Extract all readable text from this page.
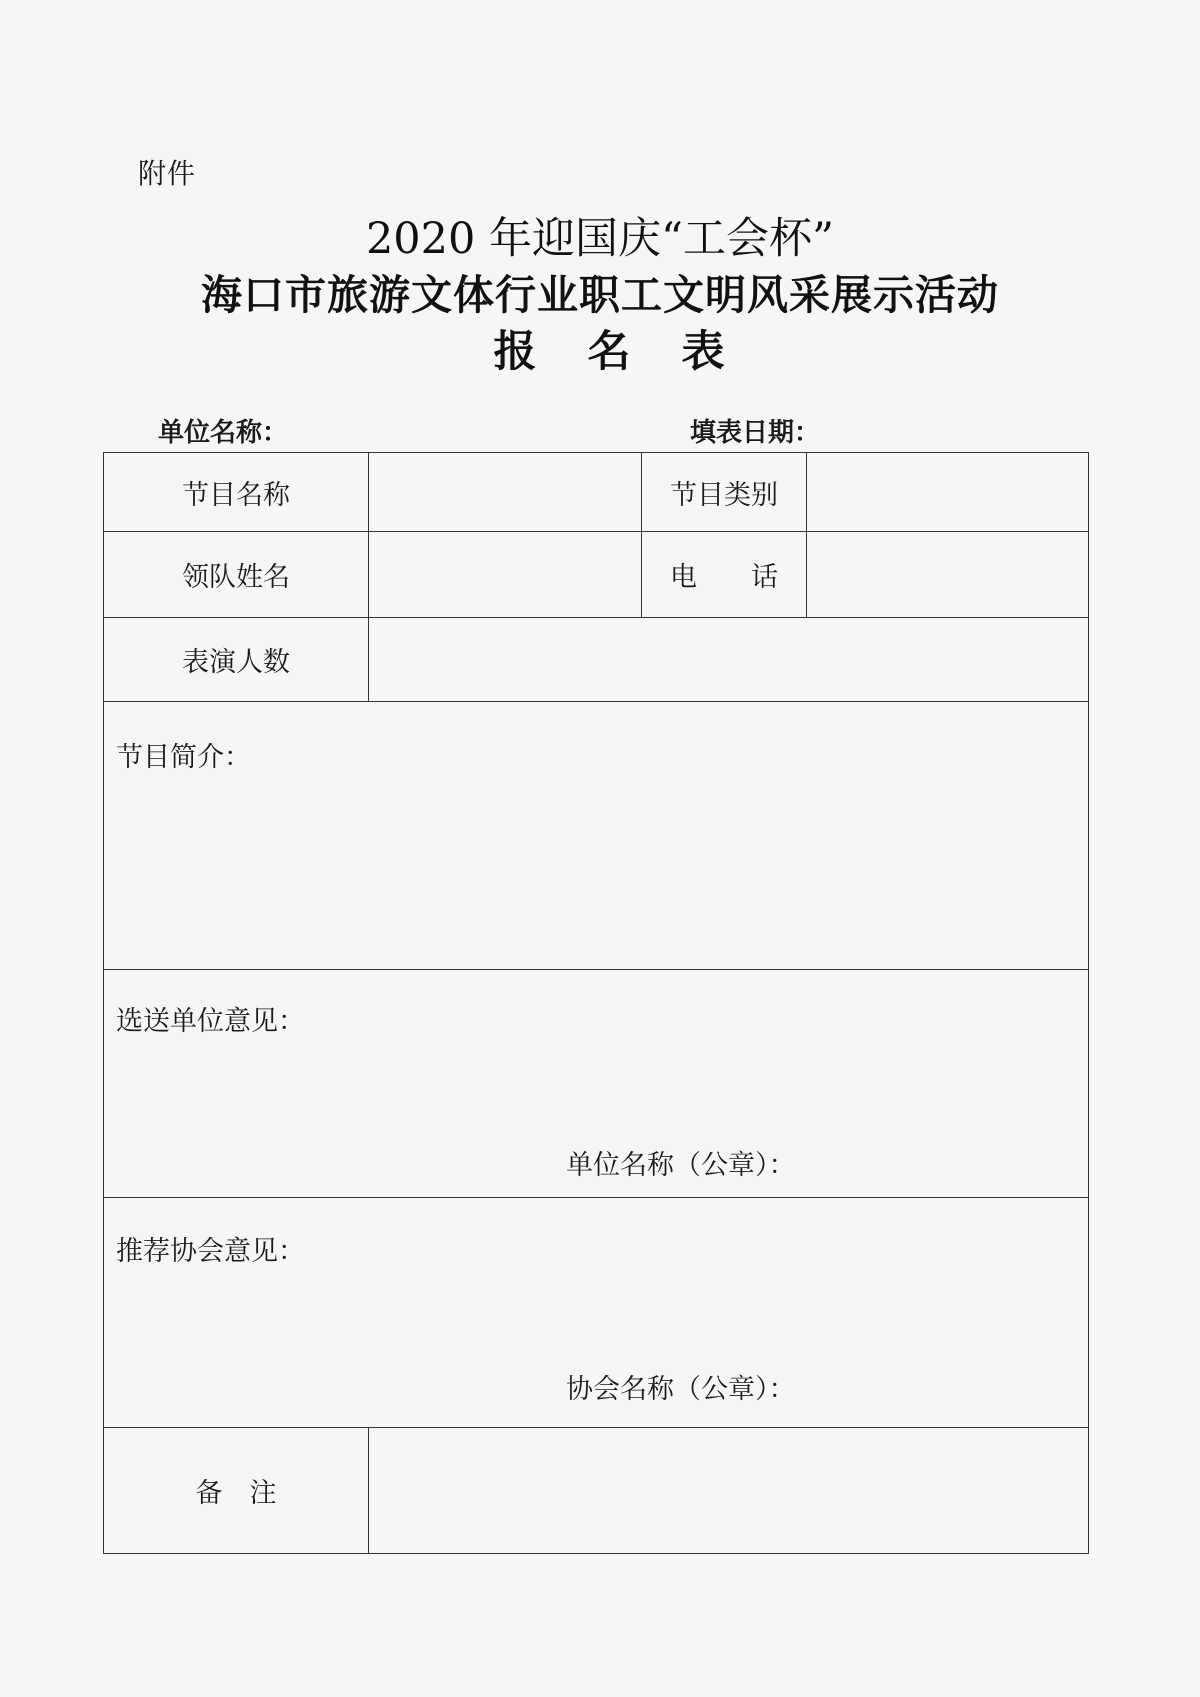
附件
2020 年迎国庆“工会杯”
海口市旅游文体行业职工文明风采展示活动
报 名 表
单位名称：	填表日期：
节目名称	节目类别
领队姓名	电　　话
表演人数
节目简介：
选送单位意见：
单位名称（公章）：
推荐协会意见：
协会名称（公章）：
备　注
